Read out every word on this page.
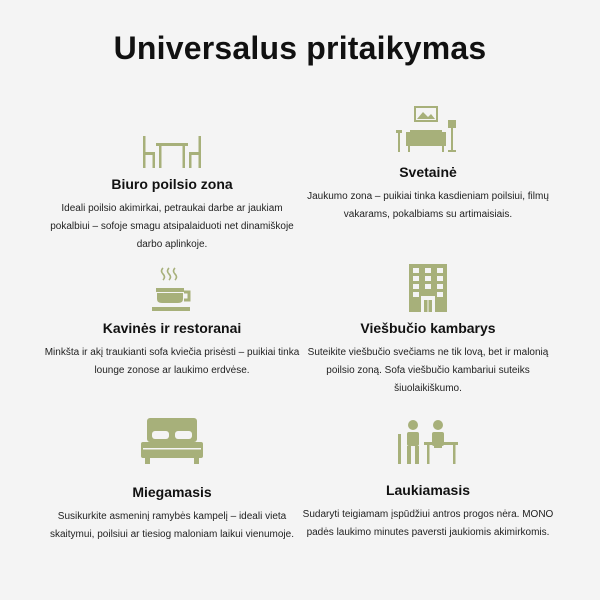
Universalus pritaikymas
Biuro poilsio zona

Ideali poilsio akimirkai, petraukai darbe ar jaukiam pokalbiui – sofoje smagu atsipalaiduoti net dinamiškoje darbo aplinkoje.

Svetainė

Jaukumo zona – puikiai tinka kasdieniam poilsiui, filmų vakarams, pokalbiams su artimaisiais.

Kavinės ir restoranai

Minkšta ir akį traukianti sofa kviečia prisėsti – puikiai tinka lounge zonose ar laukimo erdvėse.

Viešbučio kambarys

Suteikite viešbučio svečiams ne tik lovą, bet ir malonią poilsio zoną. Sofa viešbučio kambariui suteiks šiuolaikiškumo.

Miegamasis

Susikurkite asmeninį ramybės kampelį – ideali vieta skaitymui, poilsiui ar tiesiog maloniam laikui vienumoje.

Laukiamasis

Sudaryti teigiamam įspūdžiui antros progos nėra. MONO padės laukimo minutes paversti jaukiomis akimirkomis.
